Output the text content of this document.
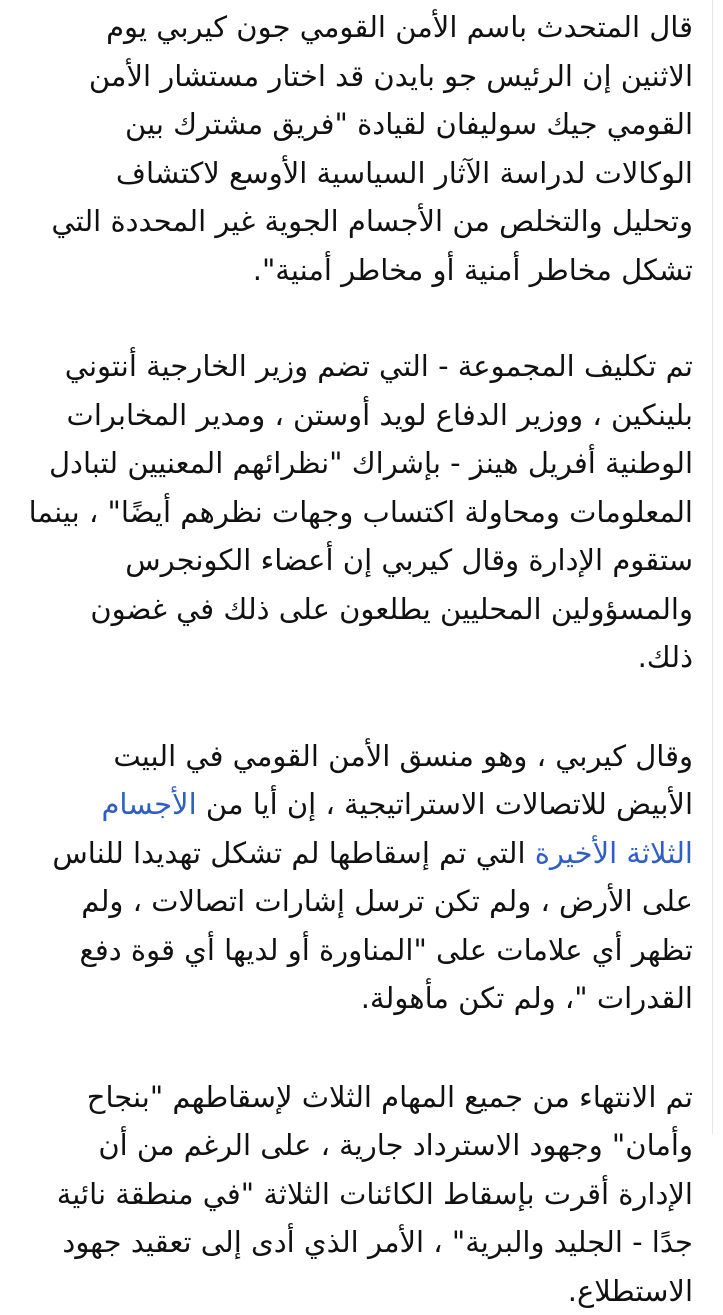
قال المتحدث باسم الأمن القومي جون كيربي يوم الاثنين إن الرئيس جو بايدن قد اختار مستشار الأمن القومي جيك سوليفان لقيادة "فريق مشترك بين الوكالات لدراسة الآثار السياسية الأوسع لاكتشاف وتحليل والتخلص من الأجسام الجوية غير المحددة التي تشكل مخاطر أمنية أو مخاطر أمنية".

تم تكليف المجموعة - التي تضم وزير الخارجية أنتوني بلينكين ، ووزير الدفاع لويد أوستن ، ومدير المخابرات الوطنية أفريل هينز - بإشراك "نظرائهم المعنيين لتبادل المعلومات ومحاولة اكتساب وجهات نظرهم أيضًا" ، بينما ستقوم الإدارة وقال كيربي إن أعضاء الكونجرس والمسؤولين المحليين يطلعون على ذلك في غضون ذلك.

وقال كيربي ، وهو منسق الأمن القومي في البيت الأبيض للاتصالات الاستراتيجية ، إن أيا من الأجسام الثلاثة الأخيرة التي تم إسقاطها لم تشكل تهديدا للناس على الأرض ، ولم تكن ترسل إشارات اتصالات ، ولم تظهر أي علامات على "المناورة أو لديها أي قوة دفع القدرات "، ولم تكن مأهولة.

تم الانتهاء من جميع المهام الثلاث لإسقاطهم "بنجاح وأمان" وجهود الاسترداد جارية ، على الرغم من أن الإدارة أقرت بإسقاط الكائنات الثلاثة "في منطقة نائية جدًا - الجليد والبرية" ، الأمر الذي أدى إلى تعقيد جهود الاستطلاع.
